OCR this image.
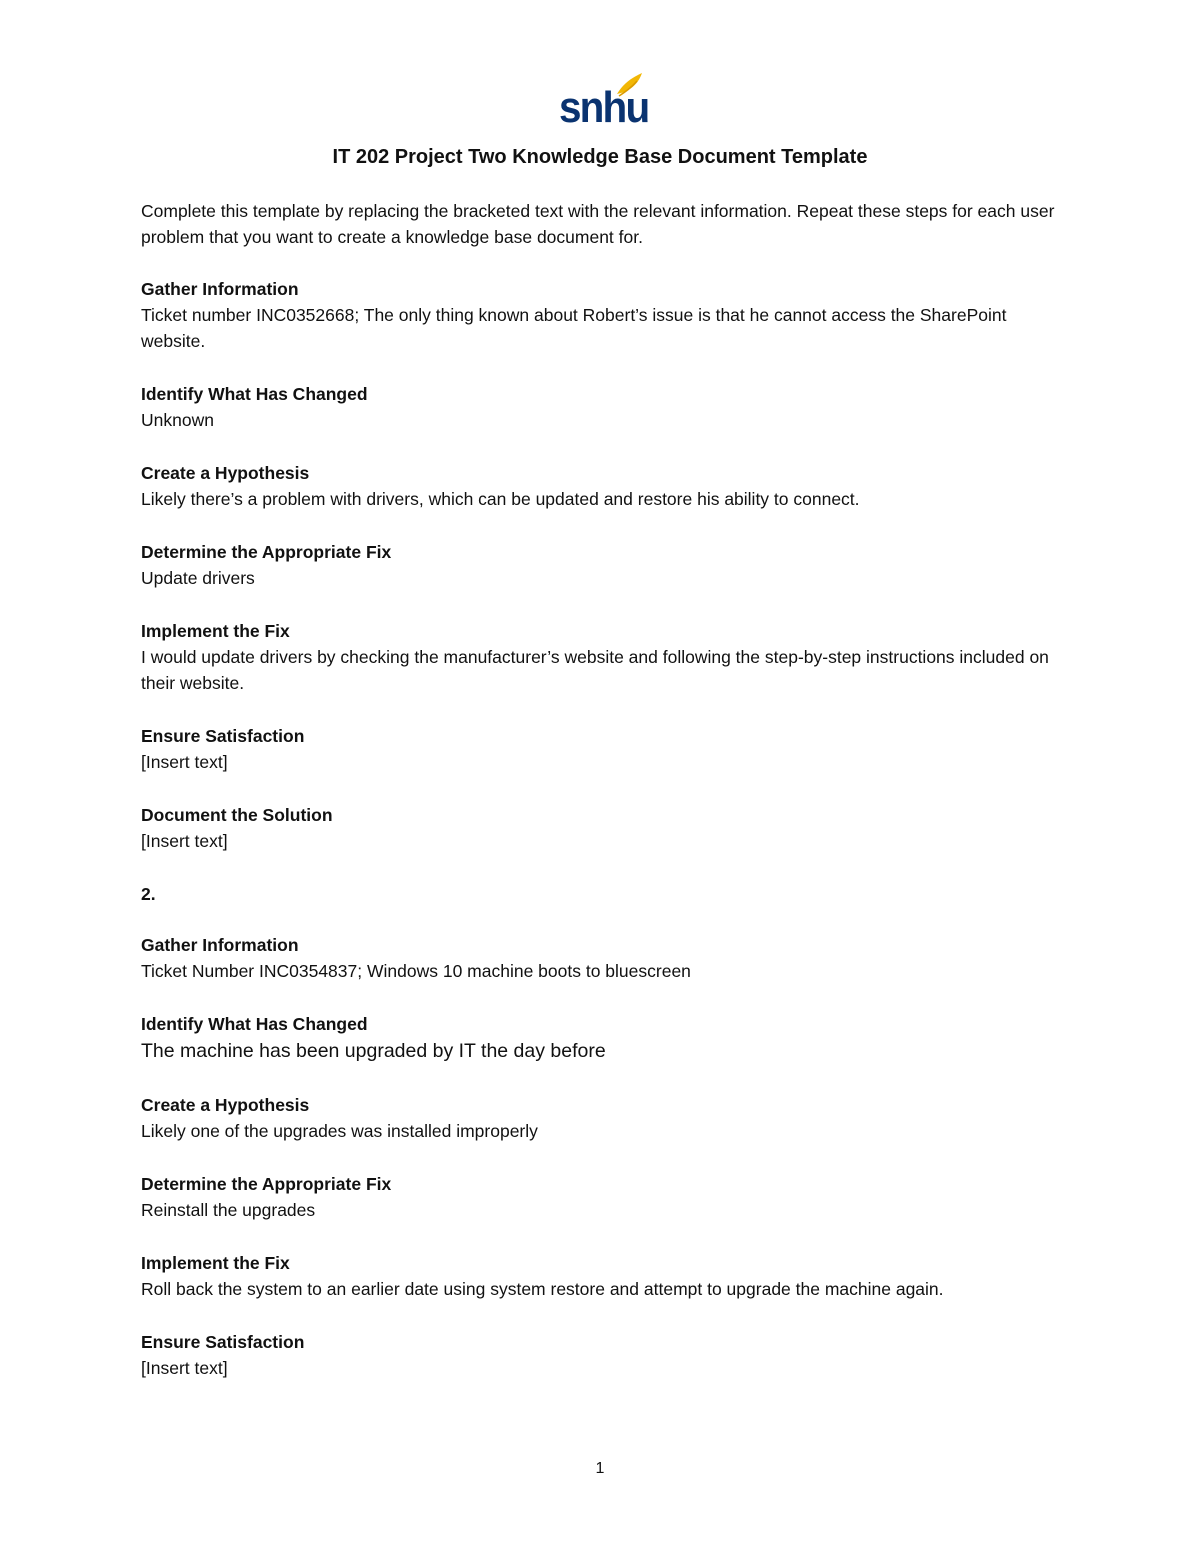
snhu
IT 202 Project Two Knowledge Base Document Template

Complete this template by replacing the bracketed text with the relevant information. Repeat these steps for each user problem that you want to create a knowledge base document for.

Gather Information
Ticket number INC0352668; The only thing known about Robert’s issue is that he cannot access the SharePoint website.
Identify What Has Changed
Unknown
Create a Hypothesis
Likely there’s a problem with drivers, which can be updated and restore his ability to connect.
Determine the Appropriate Fix
Update drivers
Implement the Fix
I would update drivers by checking the manufacturer’s website and following the step-by-step instructions included on their website.
Ensure Satisfaction
[Insert text]
Document the Solution
[Insert text]
2.
Gather Information
Ticket Number INC0354837; Windows 10 machine boots to bluescreen
Identify What Has Changed
The machine has been upgraded by IT the day before
Create a Hypothesis
Likely one of the upgrades was installed improperly
Determine the Appropriate Fix
Reinstall the upgrades
Implement the Fix
Roll back the system to an earlier date using system restore and attempt to upgrade the machine again.
Ensure Satisfaction
[Insert text]
1
